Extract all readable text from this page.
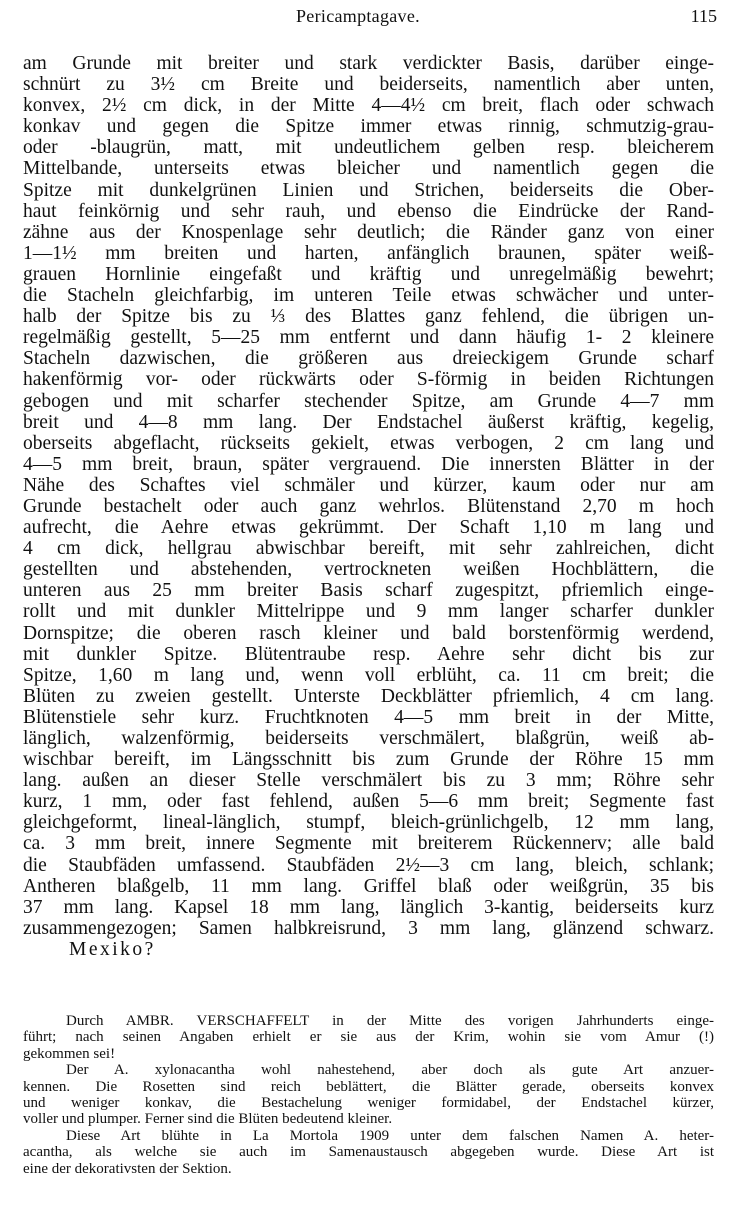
Pericamptagave.	115
am Grunde mit breiter und stark verdickter Basis, darüber einge-
schnürt zu 3½ cm Breite und beiderseits, namentlich aber unten,
konvex, 2½ cm dick, in der Mitte 4—4½ cm breit, flach oder schwach
konkav und gegen die Spitze immer etwas rinnig, schmutzig-grau-
oder -blaugrün, matt, mit undeutlichem gelben resp. bleicherem
Mittelbande, unterseits etwas bleicher und namentlich gegen die
Spitze mit dunkelgrünen Linien und Strichen, beiderseits die Ober-
haut feinkörnig und sehr rauh, und ebenso die Eindrücke der Rand-
zähne aus der Knospenlage sehr deutlich; die Ränder ganz von einer
1—1½ mm breiten und harten, anfänglich braunen, später weiß-
grauen Hornlinie eingefaßt und kräftig und unregelmäßig bewehrt;
die Stacheln gleichfarbig, im unteren Teile etwas schwächer und unter-
halb der Spitze bis zu ⅓ des Blattes ganz fehlend, die übrigen un-
regelmäßig gestellt, 5—25 mm entfernt und dann häufig 1- 2 kleinere
Stacheln dazwischen, die größeren aus dreieckigem Grunde scharf
hakenförmig vor- oder rückwärts oder S-förmig in beiden Richtungen
gebogen und mit scharfer stechender Spitze, am Grunde 4—7 mm
breit und 4—8 mm lang. Der Endstachel äußerst kräftig, kegelig,
oberseits abgeflacht, rückseits gekielt, etwas verbogen, 2 cm lang und
4—5 mm breit, braun, später vergrauend. Die innersten Blätter in der
Nähe des Schaftes viel schmäler und kürzer, kaum oder nur am
Grunde bestachelt oder auch ganz wehrlos. Blütenstand 2,70 m hoch
aufrecht, die Aehre etwas gekrümmt. Der Schaft 1,10 m lang und
4 cm dick, hellgrau abwischbar bereift, mit sehr zahlreichen, dicht
gestellten und abstehenden, vertrockneten weißen Hochblättern, die
unteren aus 25 mm breiter Basis scharf zugespitzt, pfriemlich einge-
rollt und mit dunkler Mittelrippe und 9 mm langer scharfer dunkler
Dornspitze; die oberen rasch kleiner und bald borstenförmig werdend,
mit dunkler Spitze. Blütentraube resp. Aehre sehr dicht bis zur
Spitze, 1,60 m lang und, wenn voll erblüht, ca. 11 cm breit; die
Blüten zu zweien gestellt. Unterste Deckblätter pfriemlich, 4 cm lang.
Blütenstiele sehr kurz. Fruchtknoten 4—5 mm breit in der Mitte,
länglich, walzenförmig, beiderseits verschmälert, blaßgrün, weiß ab-
wischbar bereift, im Längsschnitt bis zum Grunde der Röhre 15 mm
lang. außen an dieser Stelle verschmälert bis zu 3 mm; Röhre sehr
kurz, 1 mm, oder fast fehlend, außen 5—6 mm breit; Segmente fast
gleichgeformt, lineal-länglich, stumpf, bleich-grünlichgelb, 12 mm lang,
ca. 3 mm breit, innere Segmente mit breiterem Rückennerv; alle bald
die Staubfäden umfassend. Staubfäden 2½—3 cm lang, bleich, schlank;
Antheren blaßgelb, 11 mm lang. Griffel blaß oder weißgrün, 35 bis
37 mm lang. Kapsel 18 mm lang, länglich 3-kantig, beiderseits kurz
zusammengezogen; Samen halbkreisrund, 3 mm lang, glänzend schwarz.
Mexiko?
Durch AMBR. VERSCHAFFELT in der Mitte des vorigen Jahrhunderts einge-
führt; nach seinen Angaben erhielt er sie aus der Krim, wohin sie vom Amur (!)
gekommen sei!
Der A. xylonacantha wohl nahestehend, aber doch als gute Art anzuer-
kennen. Die Rosetten sind reich beblättert, die Blätter gerade, oberseits konvex
und weniger konkav, die Bestachelung weniger formidabel, der Endstachel kürzer,
voller und plumper. Ferner sind die Blüten bedeutend kleiner.
Diese Art blühte in La Mortola 1909 unter dem falschen Namen A. heter-
acantha, als welche sie auch im Samenaustausch abgegeben wurde. Diese Art ist
eine der dekorativsten der Sektion.
